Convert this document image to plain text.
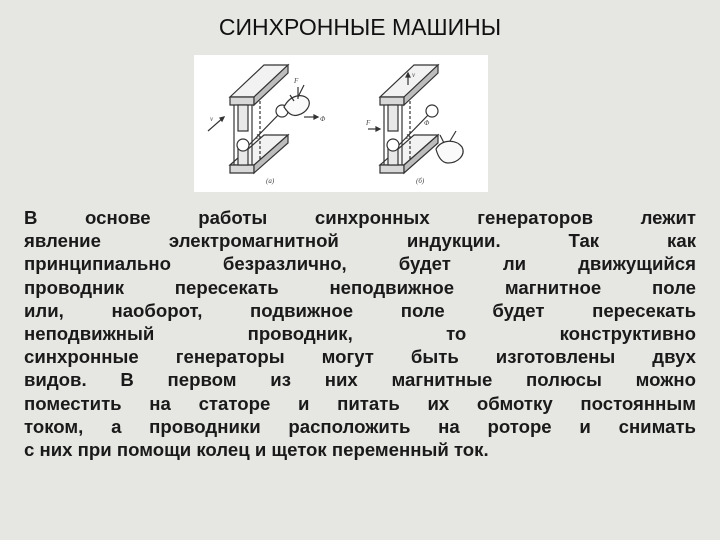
СИНХРОННЫЕ МАШИНЫ
(a)	(б)
F
v	Φ
B
v
F
B
Φ
В основе работы синхронных генераторов лежит
явление электромагнитной индукции. Так как
принципиально безразлично, будет ли движущийся
проводник пересекать неподвижное магнитное поле
или, наоборот, подвижное поле будет пересекать
неподвижный проводник, то конструктивно
синхронные генераторы могут быть изготовлены двух
видов. В первом из них магнитные полюсы можно
поместить на статоре и питать их обмотку постоянным
током, а проводники расположить на роторе и снимать
с них при помощи колец и щеток переменный ток.
